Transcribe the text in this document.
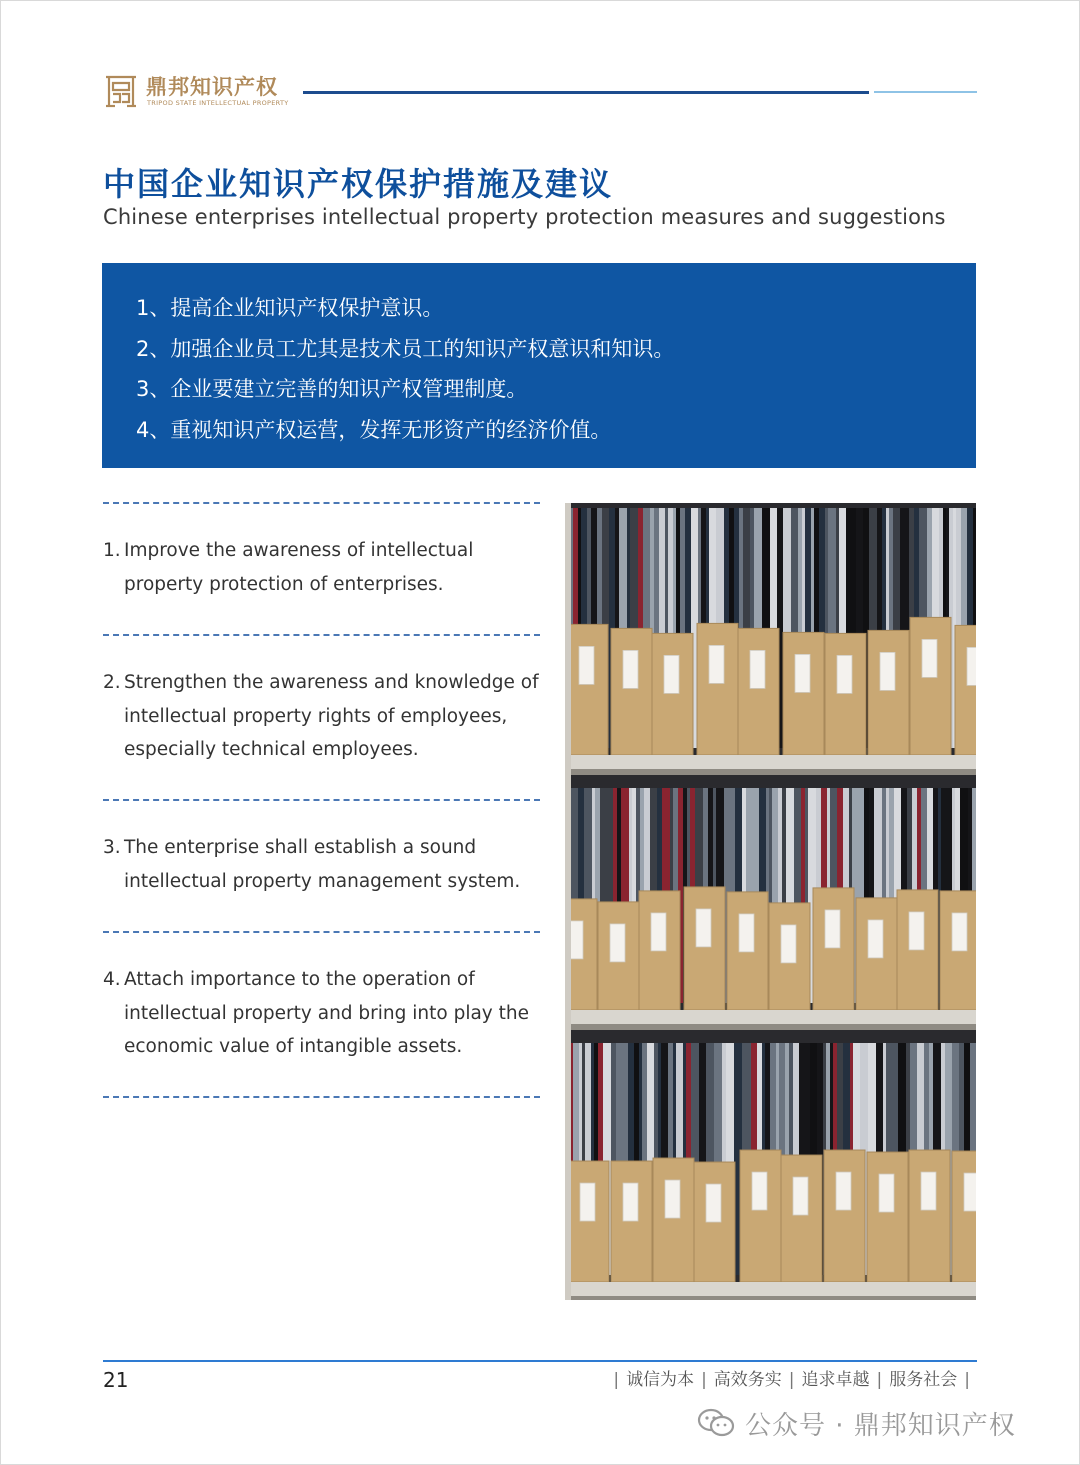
鼎邦知识产权
TRIPOD STATE INTELLECTUAL PROPERTY
中国企业知识产权保护措施及建议
Chinese enterprises intellectual property protection measures and suggestions
1、提高企业知识产权保护意识。
2、加强企业员工尤其是技术员工的知识产权意识和知识。
3、企业要建立完善的知识产权管理制度。
4、重视知识产权运营，发挥无形资产的经济价值。
1. Improve the awareness of intellectual property protection of enterprises.
2. Strengthen the awareness and knowledge of intellectual property rights of employees, especially technical employees.
3. The enterprise shall establish a sound intellectual property management system.
4. Attach importance to the operation of intellectual property and bring into play the economic value of intangible assets.
21	| 诚信为本 | 高效务实 | 追求卓越 | 服务社会 |
公众号 · 鼎邦知识产权
